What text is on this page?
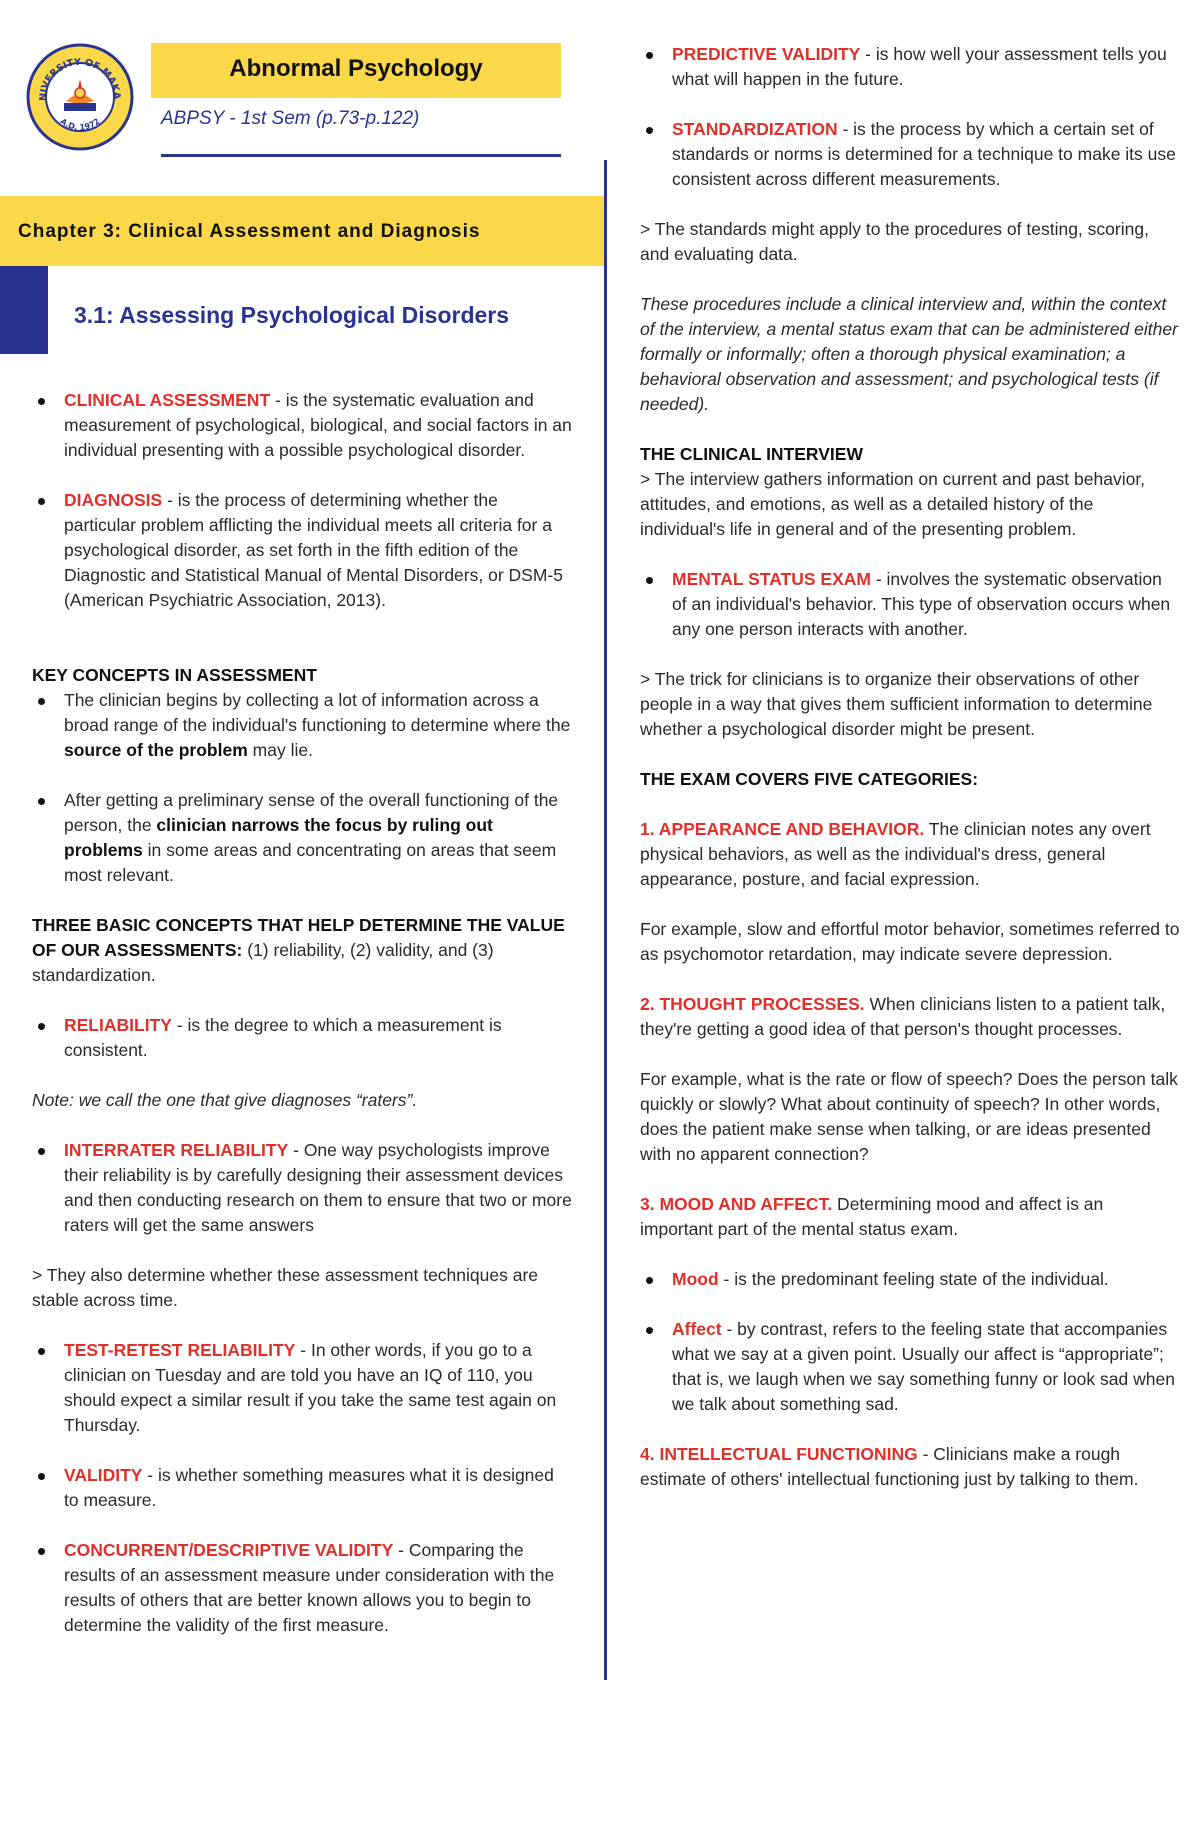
NIVERSITY OF MAKA
A.D. 1972
Abnormal Psychology
ABPSY - 1st Sem (p.73-p.122)
Chapter 3: Clinical Assessment and Diagnosis
3.1: Assessing Psychological Disorders
CLINICAL ASSESSMENT - is the systematic evaluation and measurement of psychological, biological, and social factors in an individual presenting with a possible psychological disorder.
DIAGNOSIS - is the process of determining whether the particular problem afflicting the individual meets all criteria for a psychological disorder, as set forth in the fifth edition of the Diagnostic and Statistical Manual of Mental Disorders, or DSM-5 (American Psychiatric Association, 2013).

KEY CONCEPTS IN ASSESSMENT

The clinician begins by collecting a lot of information across a broad range of the individual's functioning to determine where the source of the problem may lie.
After getting a preliminary sense of the overall functioning of the person, the clinician narrows the focus by ruling out problems in some areas and concentrating on areas that seem most relevant.

THREE BASIC CONCEPTS THAT HELP DETERMINE THE VALUE OF OUR ASSESSMENTS: (1) reliability, (2) validity, and (3) standardization.

RELIABILITY - is the degree to which a measurement is consistent.

Note: we call the one that give diagnoses “raters”.

INTERRATER RELIABILITY - One way psychologists improve their reliability is by carefully designing their assessment devices and then conducting research on them to ensure that two or more raters will get the same answers

> They also determine whether these assessment techniques are stable across time.

TEST-RETEST RELIABILITY - In other words, if you go to a clinician on Tuesday and are told you have an IQ of 110, you should expect a similar result if you take the same test again on Thursday.
VALIDITY - is whether something measures what it is designed to measure.
CONCURRENT/DESCRIPTIVE VALIDITY - Comparing the results of an assessment measure under consideration with the results of others that are better known allows you to begin to determine the validity of the first measure.
PREDICTIVE VALIDITY - is how well your assessment tells you what will happen in the future.
STANDARDIZATION - is the process by which a certain set of standards or norms is determined for a technique to make its use consistent across different measurements.

> The standards might apply to the procedures of testing, scoring, and evaluating data.

These procedures include a clinical interview and, within the context of the interview, a mental status exam that can be administered either formally or informally; often a thorough physical examination; a behavioral observation and assessment; and psychological tests (if needed).

THE CLINICAL INTERVIEW

> The interview gathers information on current and past behavior, attitudes, and emotions, as well as a detailed history of the individual's life in general and of the presenting problem.

MENTAL STATUS EXAM - involves the systematic observation of an individual's behavior. This type of observation occurs when any one person interacts with another.

> The trick for clinicians is to organize their observations of other people in a way that gives them sufficient information to determine whether a psychological disorder might be present.

THE EXAM COVERS FIVE CATEGORIES:

1. APPEARANCE AND BEHAVIOR. The clinician notes any overt physical behaviors, as well as the individual's dress, general appearance, posture, and facial expression.

For example, slow and effortful motor behavior, sometimes referred to as psychomotor retardation, may indicate severe depression.

2. THOUGHT PROCESSES. When clinicians listen to a patient talk, they're getting a good idea of that person's thought processes.

For example, what is the rate or flow of speech? Does the person talk quickly or slowly? What about continuity of speech? In other words, does the patient make sense when talking, or are ideas presented with no apparent connection?

3. MOOD AND AFFECT. Determining mood and affect is an important part of the mental status exam.

Mood - is the predominant feeling state of the individual.
Affect - by contrast, refers to the feeling state that accompanies what we say at a given point. Usually our affect is “appropriate”; that is, we laugh when we say something funny or look sad when we talk about something sad.

4. INTELLECTUAL FUNCTIONING - Clinicians make a rough estimate of others' intellectual functioning just by talking to them.
